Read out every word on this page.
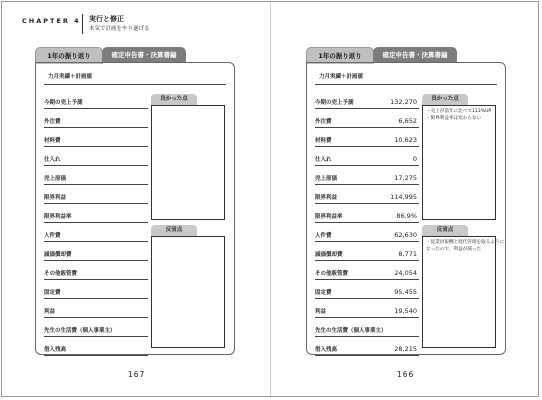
CHAPTER 4 実行と修正
本気で計画をやり遂げる
1年の振り返り	確定申告書・決算書編
力月実績＋計画値
今期の売上予測
外注費
材料費
仕入れ
売上原価
限界利益
限界利益率
人件費
減価償却費
その他販管費
固定費
利益
先生の生活費（個人事業主）
借入残高
良かった点
反省点
167
1年の振り返り	確定申告書・決算書編
力月実績＋計画値
今期の売上予測	132,270
外注費	6,652
材料費	10,623
仕入れ	0
売上原価	17,275
限界利益	114,995
限界利益率	86.9%
人件費	62,630
減価償却費	8,771
その他販管費	24,054
固定費	95,455
利益	19,540
先生の生活費（個人事業主）
借入残高	28,215
良かった点
・売上が前年に比べて113%UP
・限界利益率は変わらない
反省点
・従業員報酬と経代管理を取るように
なったので、利益が減った
166
